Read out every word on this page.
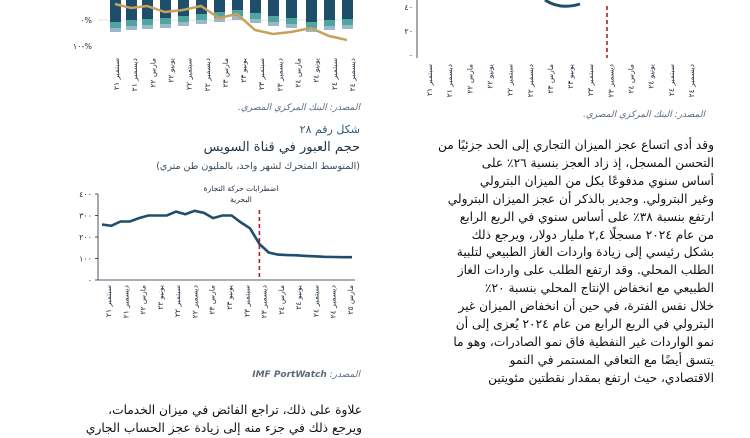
٠%
١٠-%
سبتمبر ٢١
ديسمبر ٢١
مارس ٢٢ يونيو ٢٢
سبتمبر ٢٢
ديسمبر ٢٢
مارس ٢٣ يونيو ٢٣
سبتمبر ٢٣
ديسمبر ٢٣
مارس ٢٤ يونيو ٢٤
سبتمبر ٢٤
ديسمبر ٢٤
المصدر: البنك المركزي المصري.
٤٠
٢٠
٠
سبتمبر ٢١
ديسمبر ٢١
مارس ٢٢ يونيو ٢٢
سبتمبر ٢٢
ديسمبر ٢٢
مارس ٢٣ يونيو ٢٣
سبتمبر ٢٣
ديسمبر ٢٣
مارس ٢٤ يونيو ٢٤
سبتمبر ٢٤
ديسمبر ٢٤
المصدر: البنك المركزي المصري.
شكل رقم ٢٨
حجم العبور في قناة السويس
(المتوسط المتحرك لشهر واحد، بالمليون طن متري)
٤٠٠
٣٠٠
٢٠٠
١٠٠
٠
اضطرابات حركة التجارة
البحرية
سبتمبر ٢١
ديسمبر ٢١
مارس ٢٢ يونيو ٢٢
سبتمبر ٢٢
ديسمبر ٢٢
مارس ٢٣ يونيو ٢٣
سبتمبر ٢٣
ديسمبر ٢٣
مارس ٢٤ يونيو ٢٤
سبتمبر ٢٤
ديسمبر ٢٤
مارس ٢٥
المصدر: IMF PortWatch
علاوة على ذلك، تراجع الفائض في ميزان الخدمات،
ويرجع ذلك في جزء منه إلى زيادة عجز الحساب الجاري
وقد أدى اتساع عجز الميزان التجاري إلى الحد جزئيًا من
التحسن المسجل، إذ زاد العجز بنسبة ٢٦٪ على
أساس سنوي مدفوعًا بكل من الميزان البترولي
وغير البترولي. وجدير بالذكر أن عجز الميزان البترولي
ارتفع بنسبة ٣٨٪ على أساس سنوي في الربع الرابع
من عام ٢٠٢٤ مسجلًا ٢,٤ مليار دولار، ويرجع ذلك
بشكل رئيسي إلى زيادة واردات الغاز الطبيعي لتلبية
الطلب المحلي. وقد ارتفع الطلب على واردات الغاز
الطبيعي مع انخفاض الإنتاج المحلي بنسبة ٢٠٪
خلال نفس الفترة، في حين أن انخفاض الميزان غير
البترولي في الربع الرابع من عام ٢٠٢٤ يُعزى إلى أن
نمو الواردات غير النفطية فاق نمو الصادرات، وهو ما
يتسق أيضًا مع التعافي المستمر في النمو
الاقتصادي، حيث ارتفع بمقدار نقطتين مئويتين
